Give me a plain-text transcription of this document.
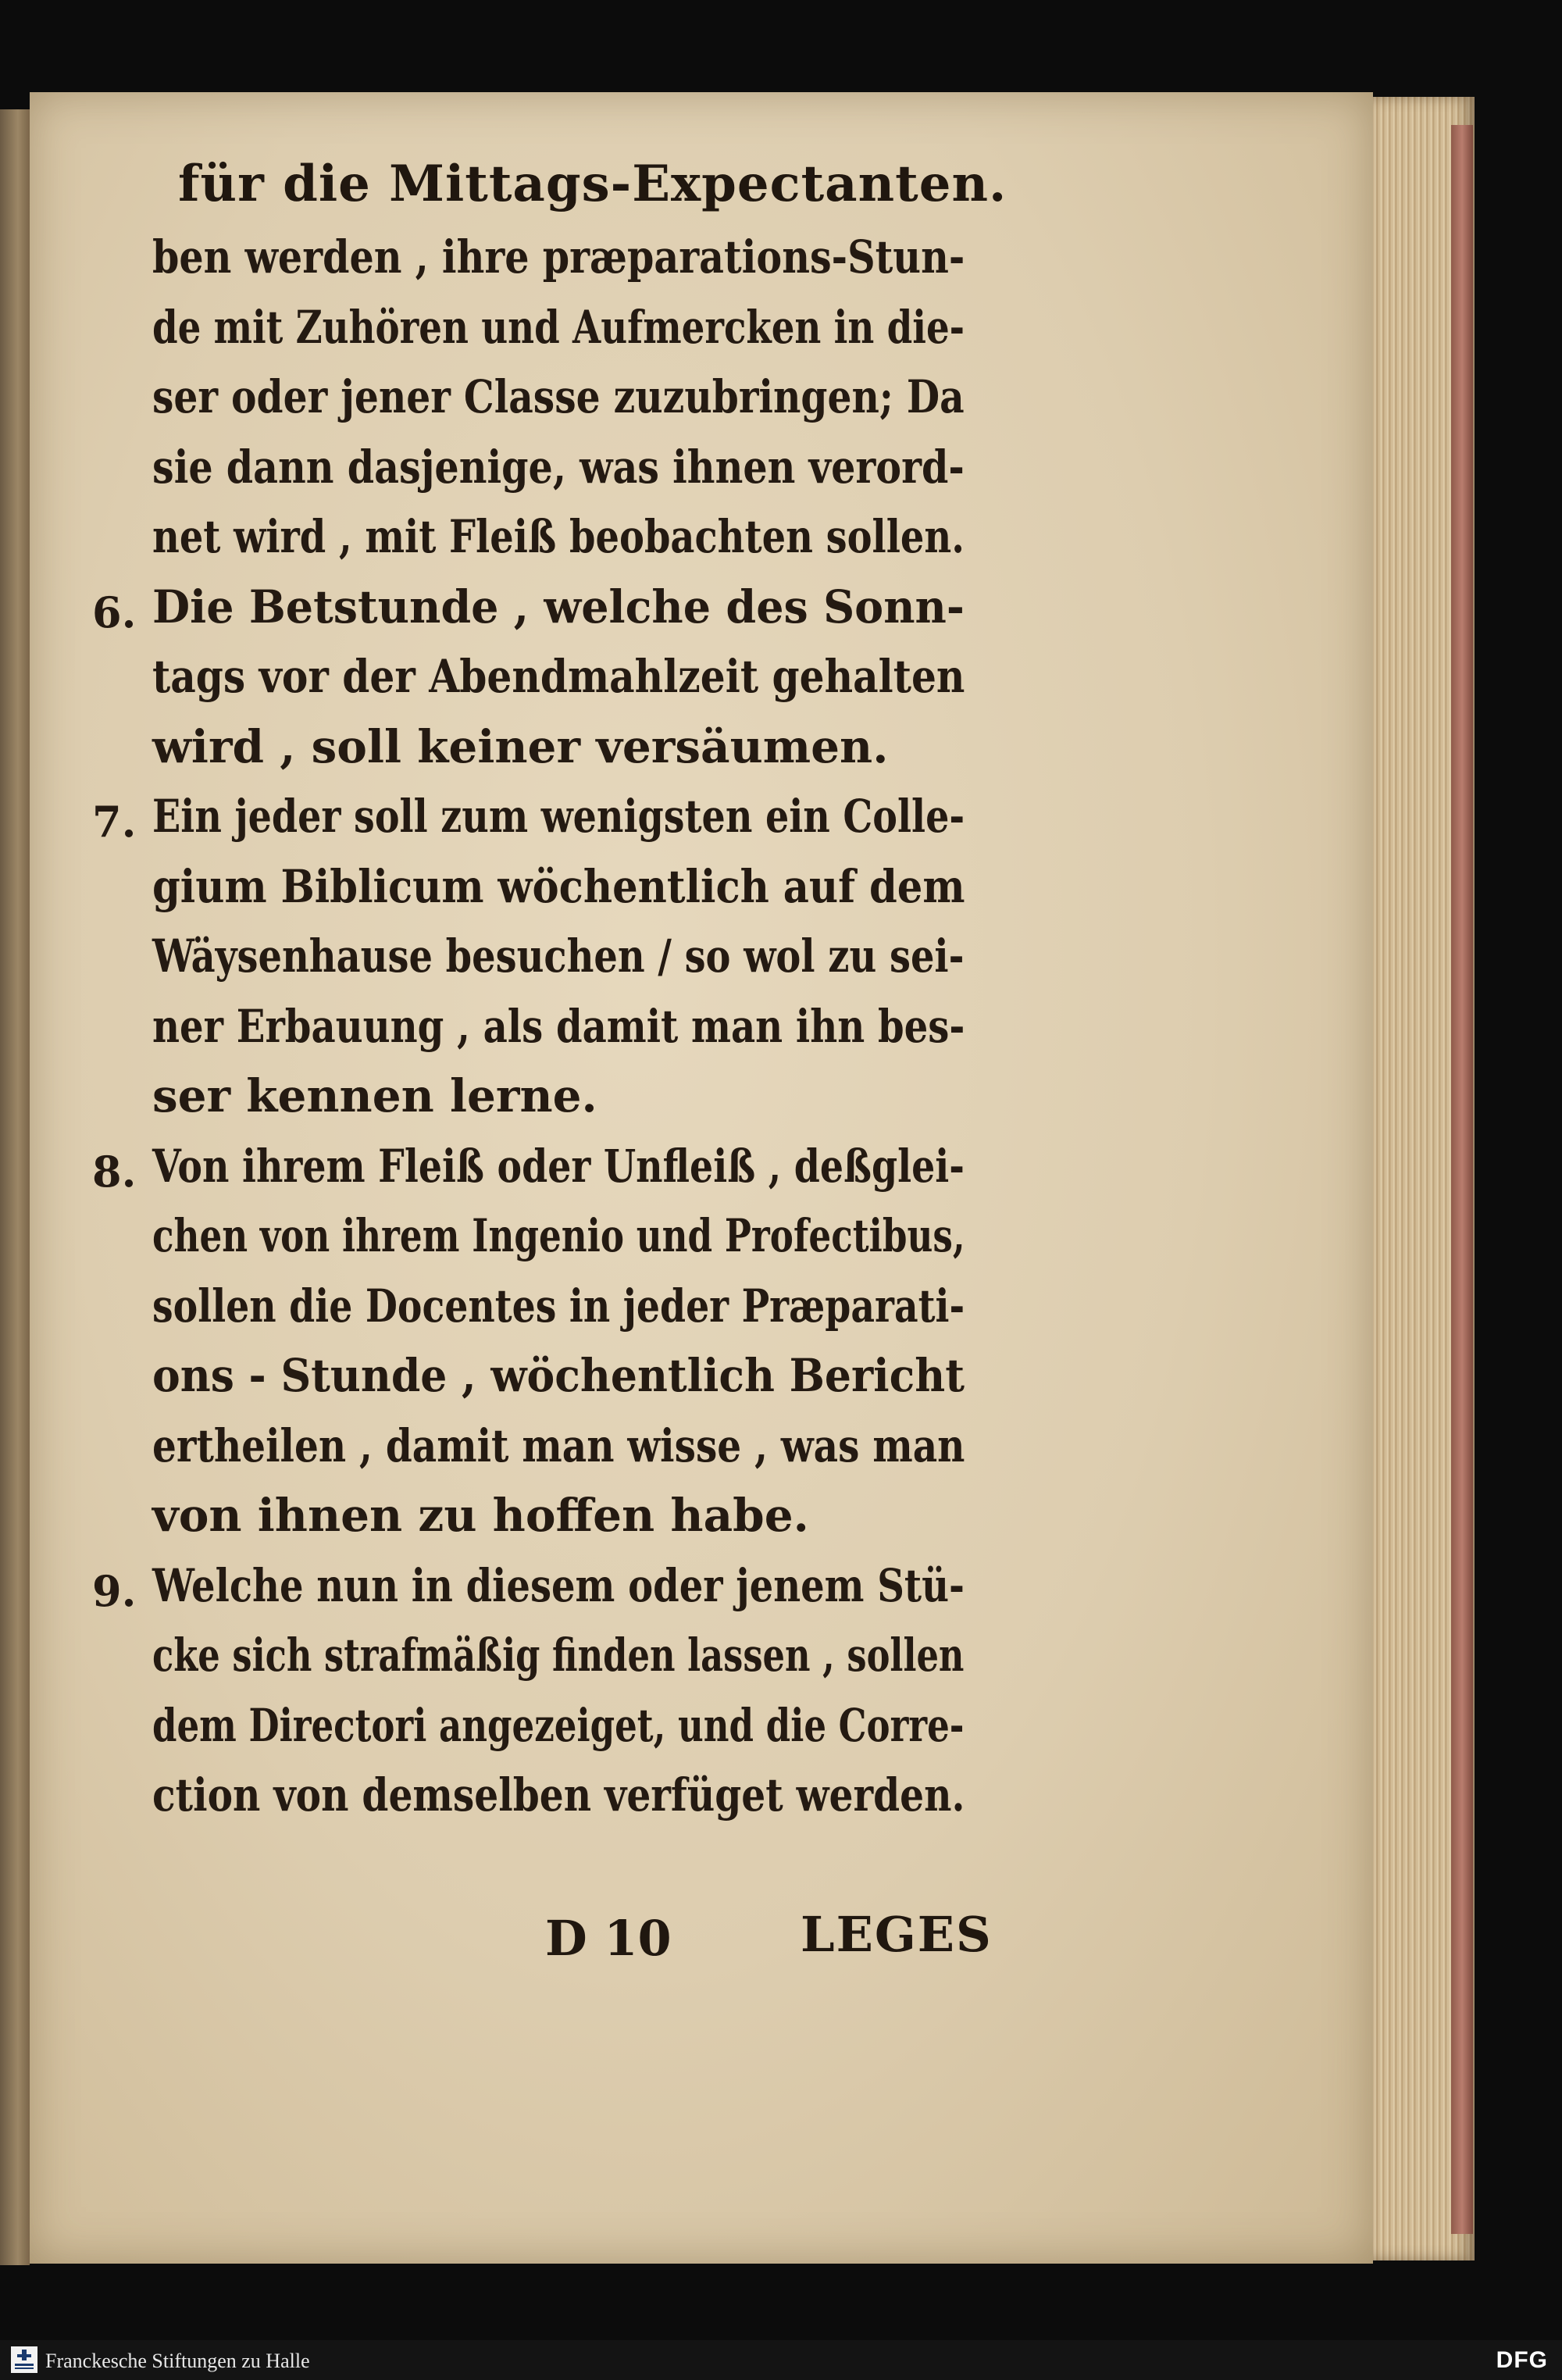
für die Mittags-Expectanten.
ben werden , ihre præparations-Stun-
de mit Zuhören und Aufmercken in die-
ser oder jener Classe zuzubringen; Da
sie dann dasjenige, was ihnen verord-
net wird , mit Fleiß beobachten sollen.
6. Die Betstunde , welche des Sonn-
tags vor der Abendmahlzeit gehalten
wird , soll keiner versäumen.
7. Ein jeder soll zum wenigsten ein Colle-
gium Biblicum wöchentlich auf dem
Wäysenhause besuchen / so wol zu sei-
ner Erbauung , als damit man ihn bes-
ser kennen lerne.
8. Von ihrem Fleiß oder Unfleiß , deßglei-
chen von ihrem Ingenio und Profectibus,
sollen die Docentes in jeder Præparati-
ons - Stunde , wöchentlich Bericht
ertheilen , damit man wisse , was man
von ihnen zu hoffen habe.
9. Welche nun in diesem oder jenem Stü-
cke sich strafmäßig finden lassen , sollen
dem Directori angezeiget, und die Corre-
ction von demselben verfüget werden.
D 10	LEGES
Franckesche Stiftungen zu Halle	DFG
